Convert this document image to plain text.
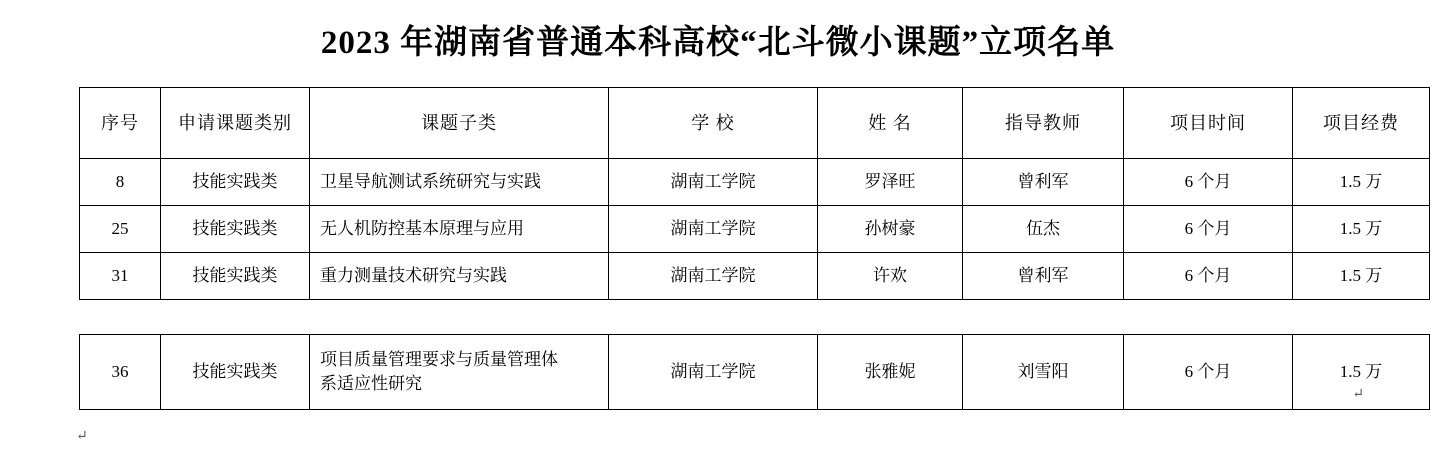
2023 年湖南省普通本科高校“北斗微小课题”立项名单
序号	申请课题类别	课题子类	学 校	姓 名	指导教师	项目时间	项目经费
8	技能实践类	卫星导航测试系统研究与实践	湖南工学院	罗泽旺	曾利军	6 个月	1.5 万
25	技能实践类	无人机防控基本原理与应用	湖南工学院	孙树豪	伍杰	6 个月	1.5 万
31	技能实践类	重力测量技术研究与实践	湖南工学院	许欢	曾利军	6 个月	1.5 万

36	技能实践类	项目质量管理要求与质量管理体
系适应性研究	湖南工学院	张雅妮	刘雪阳	6 个月	1.5 万
↵
↵
